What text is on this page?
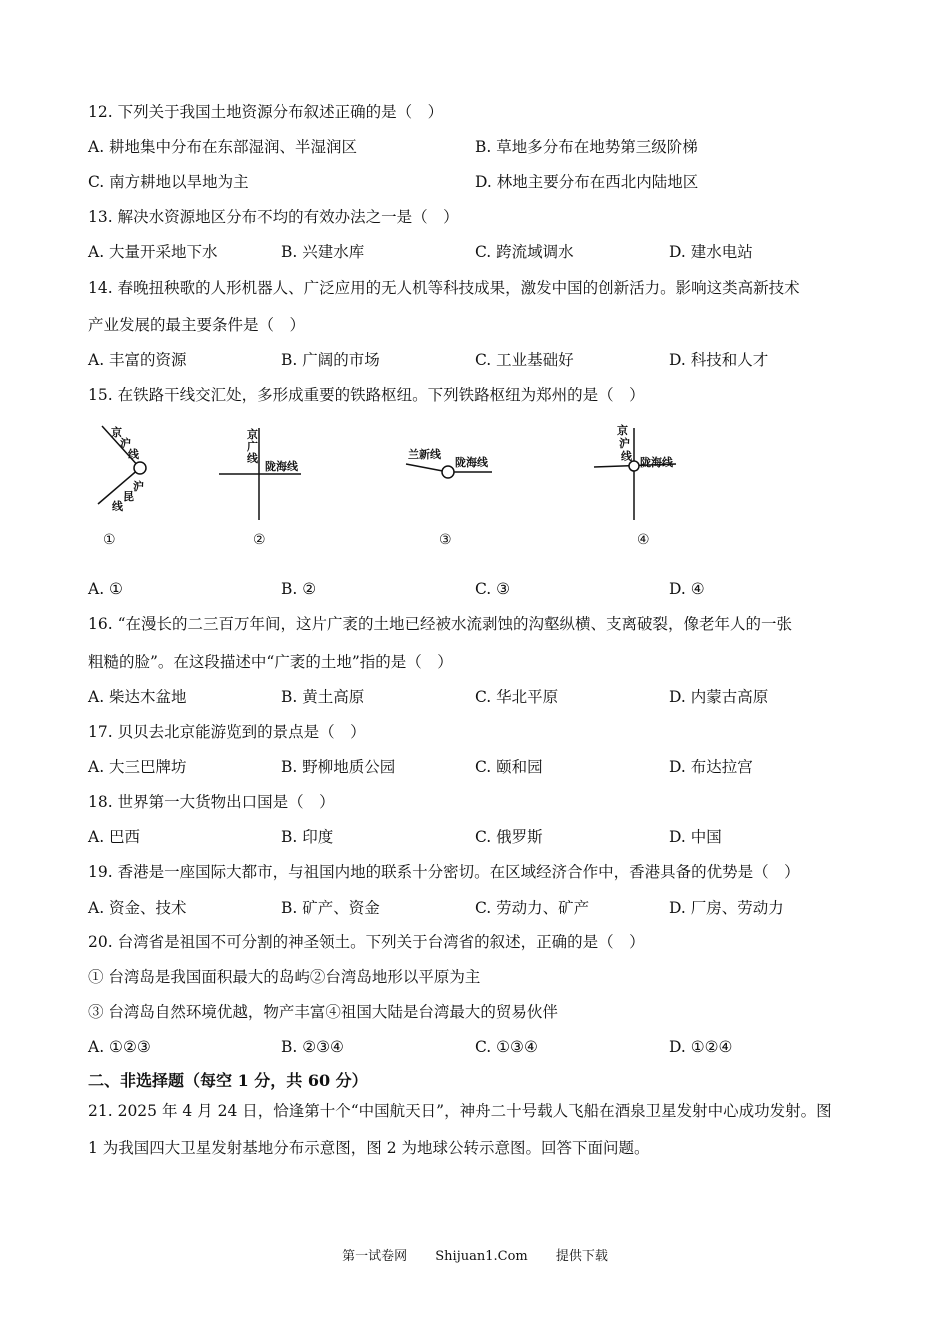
12. 下列关于我国土地资源分布叙述正确的是（　）
A. 耕地集中分布在东部湿润、半湿润区	B. 草地多分布在地势第三级阶梯
C. 南方耕地以旱地为主	D. 林地主要分布在西北内陆地区
13. 解决水资源地区分布不均的有效办法之一是（　）
A. 大量开采地下水	B. 兴建水库	C. 跨流域调水	D. 建水电站
14. 春晚扭秧歌的人形机器人、广泛应用的无人机等科技成果，激发中国的创新活力。影响这类高新技术
产业发展的最主要条件是（　）
A. 丰富的资源	B. 广阔的市场	C. 工业基础好	D. 科技和人才
15. 在铁路干线交汇处，多形成重要的铁路枢纽。下列铁路枢纽为郑州的是（　）
京
沪
线
沪
昆
线
①
京
广
线
陇海线
②
兰新线
陇海线
③
京
沪
线 陇海线
④
A. ①	B. ②	C. ③	D. ④
16. “在漫长的二三百万年间，这片广袤的土地已经被水流剥蚀的沟壑纵横、支离破裂，像老年人的一张
粗糙的脸”。在这段描述中“广袤的土地”指的是（　）
A. 柴达木盆地	B. 黄土高原	C. 华北平原	D. 内蒙古高原
17. 贝贝去北京能游览到的景点是（　）
A. 大三巴牌坊	B. 野柳地质公园	C. 颐和园	D. 布达拉宫
18. 世界第一大货物出口国是（　）
A. 巴西	B. 印度	C. 俄罗斯	D. 中国
19. 香港是一座国际大都市，与祖国内地的联系十分密切。在区域经济合作中，香港具备的优势是（　）
A. 资金、技术	B. 矿产、资金	C. 劳动力、矿产	D. 厂房、劳动力
20. 台湾省是祖国不可分割的神圣领土。下列关于台湾省的叙述，正确的是（　）
① 台湾岛是我国面积最大的岛屿②台湾岛地形以平原为主
③ 台湾岛自然环境优越，物产丰富④祖国大陆是台湾最大的贸易伙伴
A. ①②③	B. ②③④	C. ①③④	D. ①②④
二、非选择题（每空 1 分，共 60 分）
21. 2025 年 4 月 24 日，恰逢第十个“中国航天日”，神舟二十号载人飞船在酒泉卫星发射中心成功发射。图
1 为我国四大卫星发射基地分布示意图，图 2 为地球公转示意图。回答下面问题。
第一试卷网 Shijuan1.Com 提供下载
